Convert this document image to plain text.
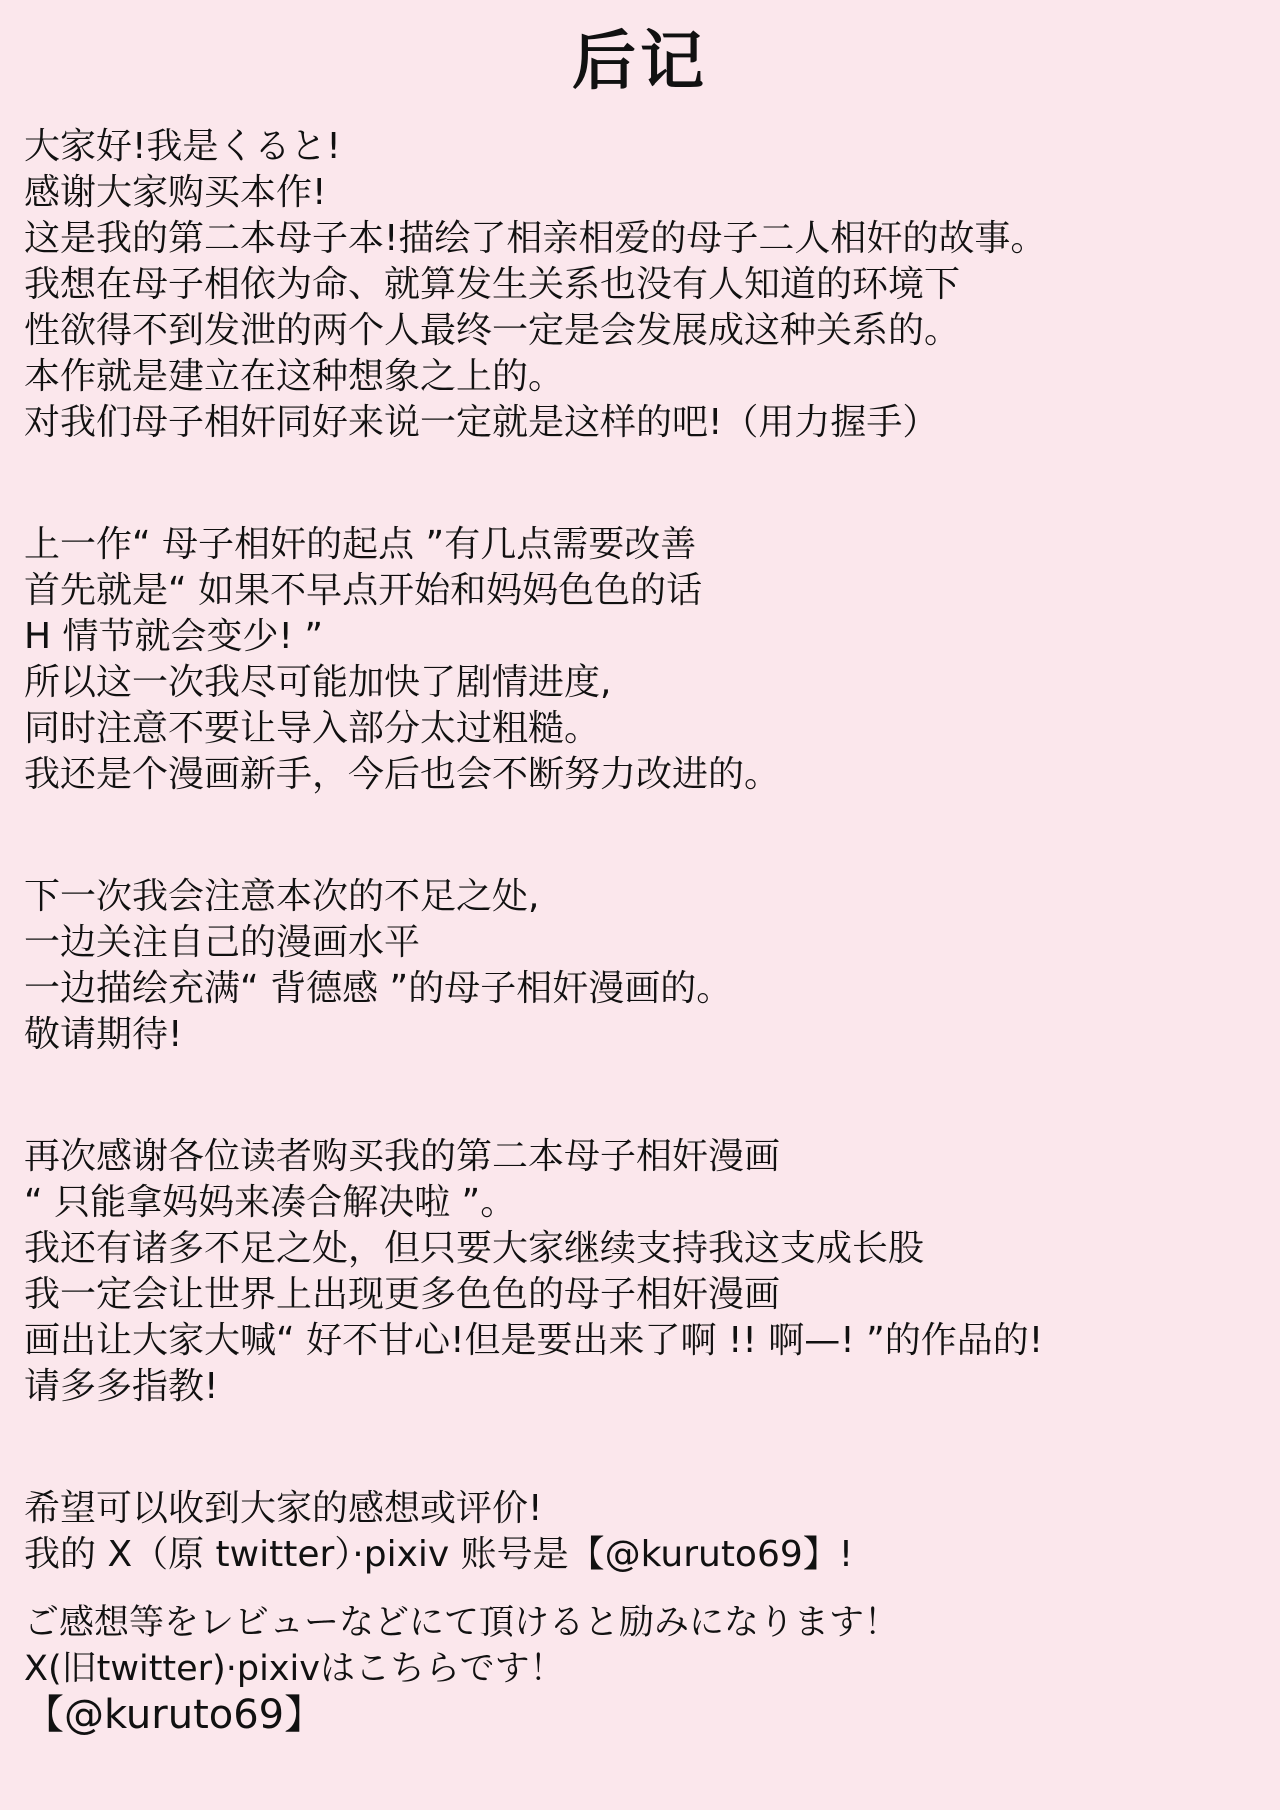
后记
大家好!我是くると!
感谢大家购买本作!
这是我的第二本母子本!描绘了相亲相爱的母子二人相奸的故事。
我想在母子相依为命、就算发生关系也没有人知道的环境下
性欲得不到发泄的两个人最终一定是会发展成这种关系的。
本作就是建立在这种想象之上的。
对我们母子相奸同好来说一定就是这样的吧!（用力握手）
上一作“ 母子相奸的起点 ”有几点需要改善
首先就是“ 如果不早点开始和妈妈色色的话
H 情节就会变少! ”
所以这一次我尽可能加快了剧情进度,
同时注意不要让导入部分太过粗糙。
我还是个漫画新手，今后也会不断努力改进的。
下一次我会注意本次的不足之处,
一边关注自己的漫画水平
一边描绘充满“ 背德感 ”的母子相奸漫画的。
敬请期待!
再次感谢各位读者购买我的第二本母子相奸漫画
“ 只能拿妈妈来凑合解决啦 ”。
我还有诸多不足之处，但只要大家继续支持我这支成长股
我一定会让世界上出现更多色色的母子相奸漫画
画出让大家大喊“ 好不甘心!但是要出来了啊 !! 啊—! ”的作品的!
请多多指教!
希望可以收到大家的感想或评价!
我的 X（原 twitter）·pixiv 账号是【@kuruto69】!
ご感想等をレビューなどにて頂けると励みになります！
X(旧twitter)·pixivはこちらです！
【@kuruto69】
